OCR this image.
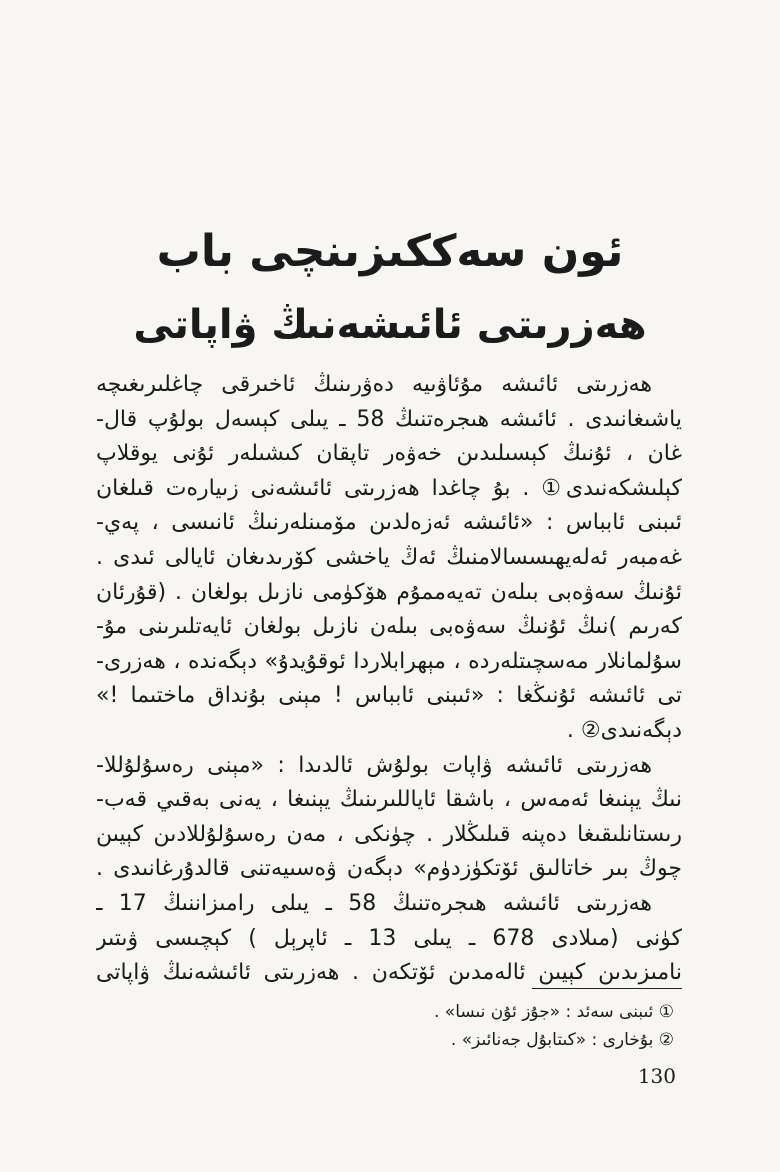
ئون سەككىزىنچى باب
ھەزرىتى ئائىشەنىڭ ۋاپاتى
ھەزرىتى ئائىشە مۇئاۋىيە دەۋرىنىڭ ئاخىرقى چاغلىرىغىچە
ياشىغانىدى . ئائىشە ھىجرەتنىڭ 58 ـ يىلى كېسەل بولۇپ قال-
غان ، ئۇنىڭ كېسىلىدىن خەۋەر تاپقان كىشىلەر ئۇنى يوقلاپ
كېلىشكەنىدى① . بۇ چاغدا ھەزرىتى ئائىشەنى زىيارەت قىلغان
ئىبنى ئابباس : «ئائىشە ئەزەلدىن مۆمىنلەرنىڭ ئانىسى ، پەي-
غەمبەر ئەلەيھىسسالامنىڭ ئەڭ ياخشى كۆرىدىغان ئايالى ئىدى .
ئۇنىڭ سەۋەبى بىلەن تەيەممۇم ھۆكۈمى نازىل بولغان . (قۇرئان
كەرىم )نىڭ ئۇنىڭ سەۋەبى بىلەن نازىل بولغان ئايەتلىرىنى مۇ-
سۇلمانلار مەسچىتلەردە ، مېھرابلاردا ئوقۇيدۇ» دېگەندە ، ھەزرى-
تى ئائىشە ئۇنىڭغا : «ئىبنى ئابباس ! مېنى بۇنداق ماختىما !»
دېگەنىدى② .
ھەزرىتى ئائىشە ۋاپات بولۇش ئالدىدا : «مېنى رەسۇلۇللا-
نىڭ يېنىغا ئەمەس ، باشقا ئاياللىرىنىڭ يېنىغا ، يەنى بەقىي قەب-
رىستانلىقىغا دەپنە قىلىڭلار . چۈنكى ، مەن رەسۇلۇللادىن كېيىن
چوڭ بىر خاتالىق ئۆتكۈزدۈم» دېگەن ۋەسىيەتنى قالدۇرغانىدى .
ھەزرىتى ئائىشە ھىجرەتنىڭ 58 ـ يىلى رامىزاننىڭ 17 ـ
كۈنى (مىلادى 678 ـ يىلى 13 ـ ئاپرېل ) كېچىسى ۋىتىر
نامىزىدىن كېيىن ئالەمدىن ئۆتكەن . ھەزرىتى ئائىشەنىڭ ۋاپاتى
① ئىبنى سەئد : «جۇز ئۇن نىسا» .
② بۇخارى : «كىتابۇل جەنائىز» .
130
